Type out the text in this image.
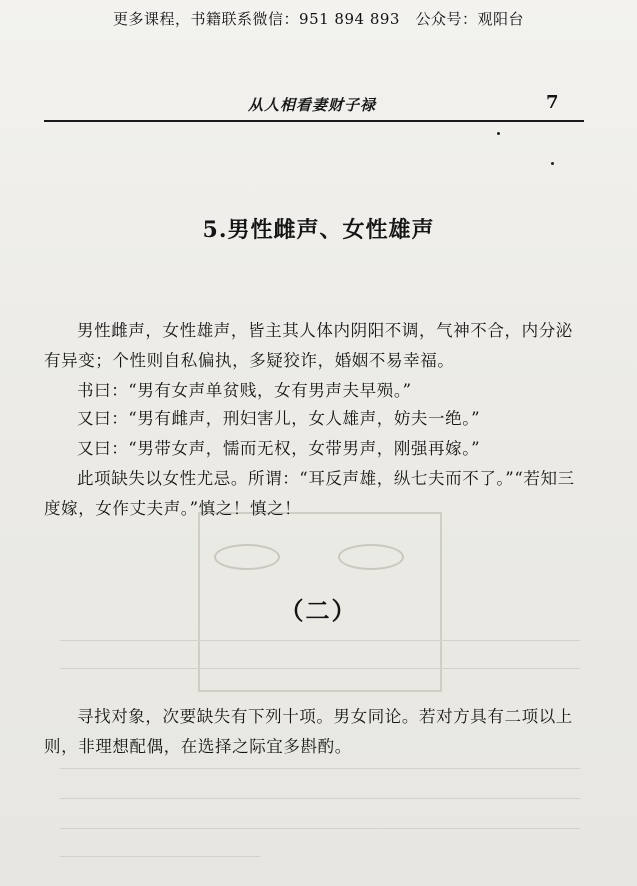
更多课程，书籍联系微信：951 894 893　公众号：观阳台
从人相看妻财子禄	7
5.男性雌声、女性雄声
男性雌声，女性雄声，皆主其人体内阴阳不调，气神不合，内分泌有异变；个性则自私偏执，多疑狡诈，婚姻不易幸福。
书曰：“男有女声单贫贱，女有男声夫早殒。”
又曰：“男有雌声，刑妇害儿，女人雄声，妨夫一绝。”
又曰：“男带女声，懦而无权，女带男声，刚强再嫁。”
此项缺失以女性尤忌。所谓：“耳反声雄，纵七夫而不了。”“若知三度嫁，女作丈夫声。”慎之！慎之！
（二）
寻找对象，次要缺失有下列十项。男女同论。若对方具有二项以上则，非理想配偶，在选择之际宜多斟酌。
